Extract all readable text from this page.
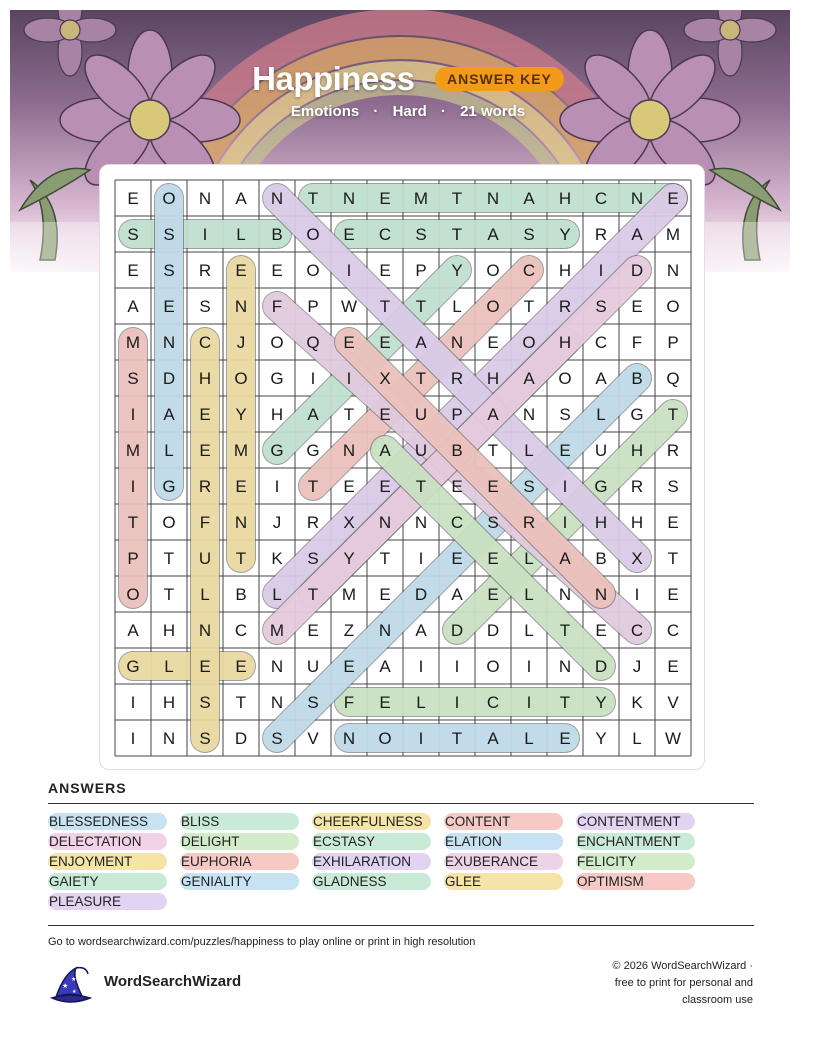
Happiness ANSWER KEY
Emotions · Hard · 21 words
E O N A N T N E M T N A H C N E
S S I L B O E C S T A S Y R A M
E S R E E O I E P Y O C H I D N
A E S N F P W T T L O T R S E O
M N C J O Q E E A N E O H C F P
S D H O G I I X T R H A O A B Q
I A E Y H A T E U P A N S L G T
M L E M G G N A U B T L E U H R
I G R E I T E E T E E S I G R S
T O F N J R X N N C S R I H H E
P T U T K S Y T I E E L A B X T
O T L B L T M E D A E L N N I E
A H N C M E Z N A D D L T E C C
G L E E N U E A I I O I N D J E
I H S T N S F E L I C I T Y K V
I N S D S V N O I T A L E Y L W
ANSWERS
BLESSEDNESS	BLISS	CHEERFULNESS	CONTENT	CONTENTMENT
DELECTATION	DELIGHT	ECSTASY	ELATION	ENCHANTMENT
ENJOYMENT	EUPHORIA	EXHILARATION	EXUBERANCE	FELICITY
GAIETY	GENIALITY	GLADNESS	GLEE	OPTIMISM
PLEASURE
Go to wordsearchwizard.com/puzzles/happiness to play online or print in high resolution
★
★
★
WordSearchWizard
© 2026 WordSearchWizard ·
free to print for personal and
classroom use
